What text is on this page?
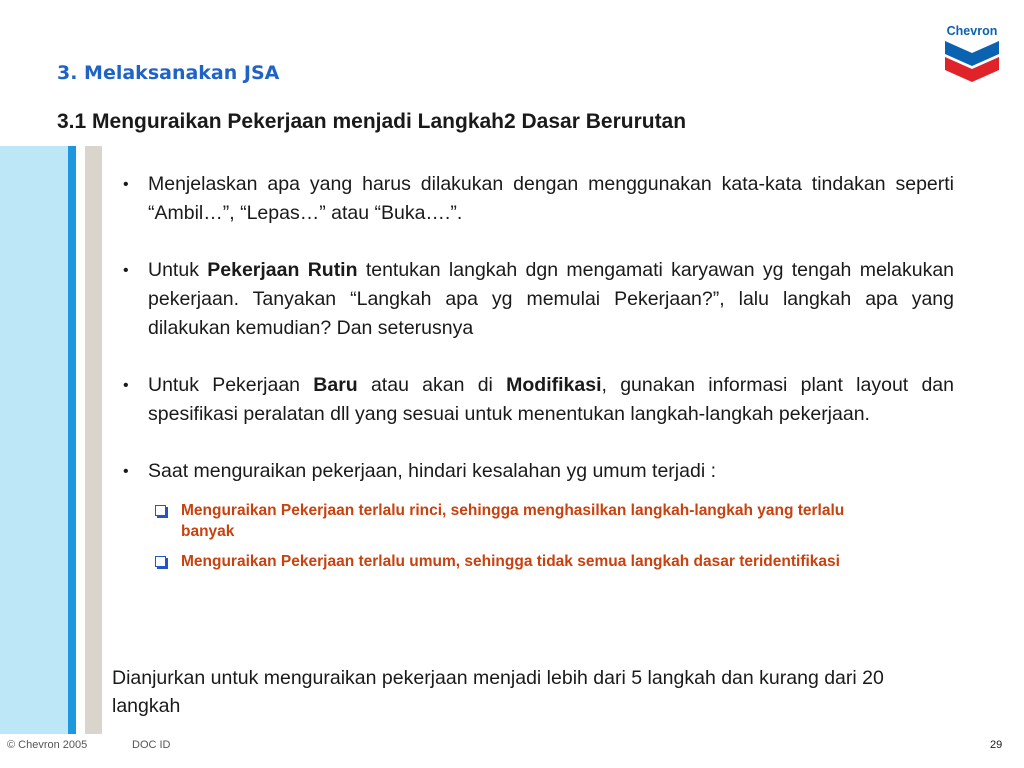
3. Melaksanakan JSA
3.1 Menguraikan Pekerjaan menjadi Langkah2 Dasar Berurutan
Chevron
• Menjelaskan apa yang harus dilakukan dengan menggunakan kata-kata tindakan seperti “Ambil…”, “Lepas…” atau “Buka….”.
• Untuk Pekerjaan Rutin tentukan langkah dgn mengamati karyawan yg tengah melakukan pekerjaan. Tanyakan “Langkah apa yg memulai Pekerjaan?”, lalu langkah apa yang dilakukan kemudian? Dan seterusnya
• Untuk Pekerjaan Baru atau akan di Modifikasi, gunakan informasi plant layout dan spesifikasi peralatan dll yang sesuai untuk menentukan langkah-langkah pekerjaan.
• Saat menguraikan pekerjaan, hindari kesalahan yg umum terjadi :
Menguraikan Pekerjaan terlalu rinci, sehingga menghasilkan langkah-langkah yang terlalu banyak
Menguraikan Pekerjaan terlalu umum, sehingga tidak semua langkah dasar teridentifikasi
Dianjurkan untuk menguraikan pekerjaan menjadi lebih dari 5 langkah dan kurang dari 20 langkah
© Chevron 2005	DOC ID	29
